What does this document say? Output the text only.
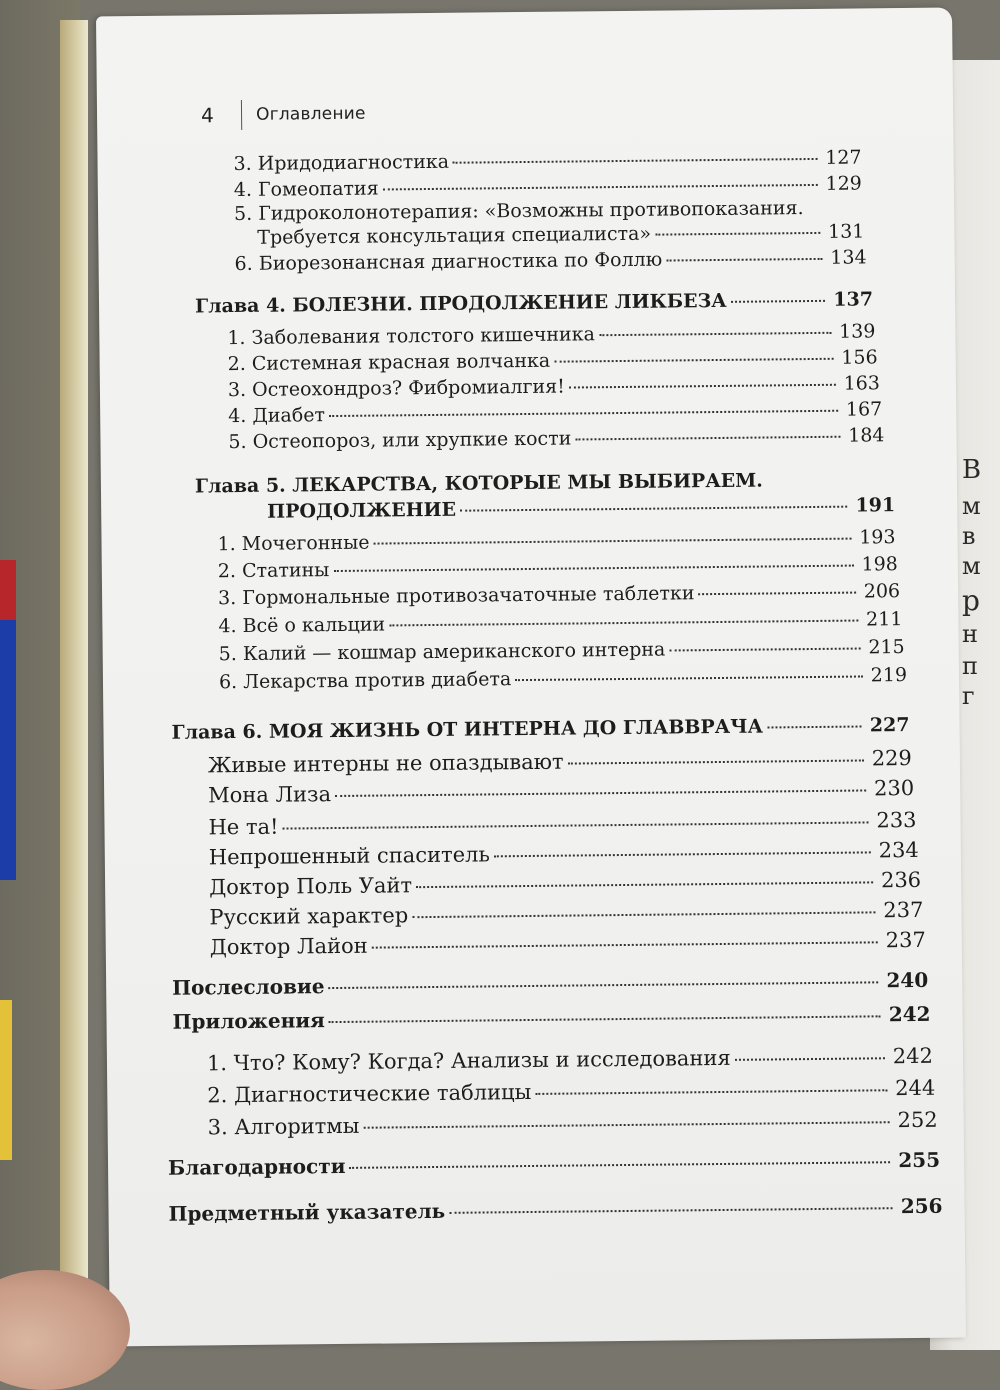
В
м
в
м
р
н
п
г
4	Оглавление
3. Иридодиагностика	127
4. Гомеопатия	129
5. Гидроколонотерапия: «Возможны противопоказания.
Требуется консультация специалиста»	131
6. Биорезонансная диагностика по Фоллю	134
Глава 4. БОЛЕЗНИ. ПРОДОЛЖЕНИЕ ЛИКБЕЗА	137
1. Заболевания толстого кишечника	139
2. Системная красная волчанка	156
3. Остеохондроз? Фибромиалгия!	163
4. Диабет	167
5. Остеопороз, или хрупкие кости	184
Глава 5. ЛЕКАРСТВА, КОТОРЫЕ МЫ ВЫБИРАЕМ.
ПРОДОЛЖЕНИЕ	191
1. Мочегонные	193
2. Статины	198
3. Гормональные противозачаточные таблетки	206
4. Всё о кальции	211
5. Калий — кошмар американского интерна	215
6. Лекарства против диабета	219
Глава 6. МОЯ ЖИЗНЬ ОТ ИНТЕРНА ДО ГЛАВВРАЧА	227
Живые интерны не опаздывают	229
Мона Лиза	230
Не та!	233
Непрошенный спаситель	234
Доктор Поль Уайт	236
Русский характер	237
Доктор Лайон	237
Послесловие	240
Приложения	242
1. Что? Кому? Когда? Анализы и исследования	242
2. Диагностические таблицы	244
3. Алгоритмы	252
Благодарности	255
Предметный указатель	256
